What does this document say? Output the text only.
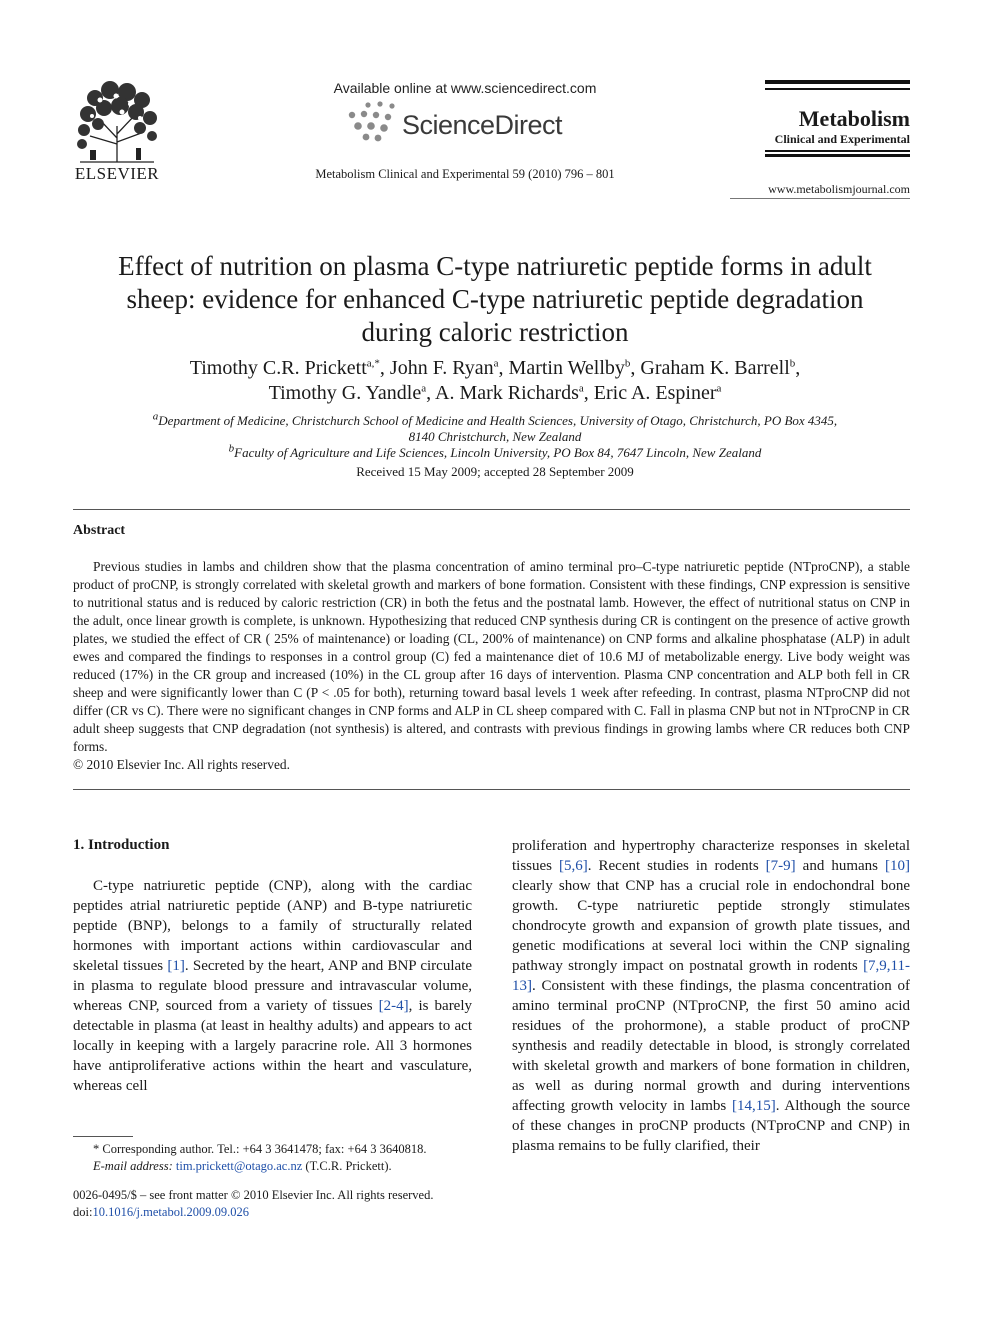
ELSEVIER
Available online at www.sciencedirect.com
ScienceDirect
Metabolism Clinical and Experimental 59 (2010) 796 – 801
Metabolism
Clinical and Experimental
www.metabolismjournal.com
Effect of nutrition on plasma C-type natriuretic peptide forms in adult sheep: evidence for enhanced C-type natriuretic peptide degradation during caloric restriction
Timothy C.R. Prickett$^{a,*}$, John F. Ryan$^a$, Martin Wellby$^b$, Graham K. Barrell$^b$,
Timothy G. Yandle$^a$, A. Mark Richards$^a$, Eric A. Espiner$^a$
$^a$Department of Medicine, Christchurch School of Medicine and Health Sciences, University of Otago, Christchurch, PO Box 4345,
8140 Christchurch, New Zealand
$^b$Faculty of Agriculture and Life Sciences, Lincoln University, PO Box 84, 7647 Lincoln, New Zealand
Received 15 May 2009; accepted 28 September 2009
Abstract

Previous studies in lambs and children show that the plasma concentration of amino terminal pro–C-type natriuretic peptide (NTproCNP), a stable product of proCNP, is strongly correlated with skeletal growth and markers of bone formation. Consistent with these findings, CNP expression is sensitive to nutritional status and is reduced by caloric restriction (CR) in both the fetus and the postnatal lamb. However, the effect of nutritional status on CNP in the adult, once linear growth is complete, is unknown. Hypothesizing that reduced CNP synthesis during CR is contingent on the presence of active growth plates, we studied the effect of CR ( 25% of maintenance) or loading (CL, 200% of maintenance) on CNP forms and alkaline phosphatase (ALP) in adult ewes and compared the findings to responses in a control group (C) fed a maintenance diet of 10.6 MJ of metabolizable energy. Live body weight was reduced (17%) in the CR group and increased (10%) in the CL group after 16 days of intervention. Plasma CNP concentration and ALP both fell in CR sheep and were significantly lower than C (P < .05 for both), returning toward basal levels 1 week after refeeding. In contrast, plasma NTproCNP did not differ (CR vs C). There were no significant changes in CNP forms and ALP in CL sheep compared with C. Fall in plasma CNP but not in NTproCNP in CR adult sheep suggests that CNP degradation (not synthesis) is altered, and contrasts with previous findings in growing lambs where CR reduces both CNP forms.

© 2010 Elsevier Inc. All rights reserved.

1. Introduction

C-type natriuretic peptide (CNP), along with the cardiac peptides atrial natriuretic peptide (ANP) and B-type natriuretic peptide (BNP), belongs to a family of structurally related hormones with important actions within cardiovascular and skeletal tissues [1]. Secreted by the heart, ANP and BNP circulate in plasma to regulate blood pressure and intravascular volume, whereas CNP, sourced from a variety of tissues [2-4], is barely detectable in plasma (at least in healthy adults) and appears to act locally in keeping with a largely paracrine role. All 3 hormones have antiproliferative actions within the heart and vasculature, whereas cell

proliferation and hypertrophy characterize responses in skeletal tissues [5,6]. Recent studies in rodents [7-9] and humans [10] clearly show that CNP has a crucial role in endochondral bone growth. C-type natriuretic peptide strongly stimulates chondrocyte growth and expansion of growth plate tissues, and genetic modifications at several loci within the CNP signaling pathway strongly impact on postnatal growth in rodents [7,9,11-13]. Consistent with these findings, the plasma concentration of amino terminal proCNP (NTproCNP, the first 50 amino acid residues of the prohormone), a stable product of proCNP synthesis and readily detectable in blood, is strongly correlated with skeletal growth and markers of bone formation in children, as well as during normal growth and during interventions affecting growth velocity in lambs [14,15]. Although the source of these changes in proCNP products (NTproCNP and CNP) in plasma remains to be fully clarified, their

* Corresponding author. Tel.: +64 3 3641478; fax: +64 3 3640818.
E-mail address: tim.prickett@otago.ac.nz (T.C.R. Prickett).
0026-0495/$ – see front matter © 2010 Elsevier Inc. All rights reserved.
doi:10.1016/j.metabol.2009.09.026
